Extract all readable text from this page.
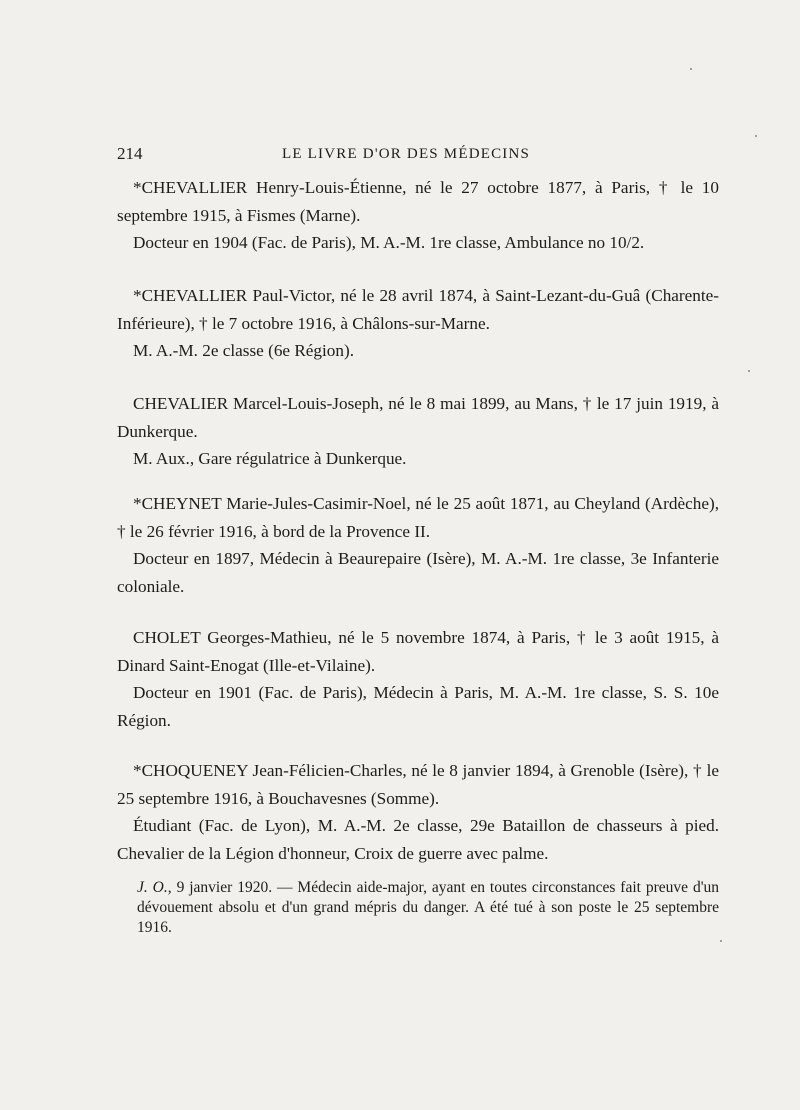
214	LE LIVRE D'OR DES MÉDECINS

*CHEVALLIER Henry-Louis-Étienne, né le 27 octobre 1877, à Paris, † le 10 septembre 1915, à Fismes (Marne).

Docteur en 1904 (Fac. de Paris), M. A.-M. 1re classe, Ambulance no 10/2.

*CHEVALLIER Paul-Victor, né le 28 avril 1874, à Saint-Lezant-du-Guâ (Charente-Inférieure), † le 7 octobre 1916, à Châlons-sur-Marne.

M. A.-M. 2e classe (6e Région).

CHEVALIER Marcel-Louis-Joseph, né le 8 mai 1899, au Mans, † le 17 juin 1919, à Dunkerque.

M. Aux., Gare régulatrice à Dunkerque.

*CHEYNET Marie-Jules-Casimir-Noel, né le 25 août 1871, au Cheyland (Ardèche), † le 26 février 1916, à bord de la Provence II.

Docteur en 1897, Médecin à Beaurepaire (Isère), M. A.-M. 1re classe, 3e Infanterie coloniale.

CHOLET Georges-Mathieu, né le 5 novembre 1874, à Paris, † le 3 août 1915, à Dinard Saint-Enogat (Ille-et-Vilaine).

Docteur en 1901 (Fac. de Paris), Médecin à Paris, M. A.-M. 1re classe, S. S. 10e Région.

*CHOQUENEY Jean-Félicien-Charles, né le 8 janvier 1894, à Grenoble (Isère), † le 25 septembre 1916, à Bouchavesnes (Somme).

Étudiant (Fac. de Lyon), M. A.-M. 2e classe, 29e Bataillon de chasseurs à pied. Chevalier de la Légion d'honneur, Croix de guerre avec palme.

J. O., 9 janvier 1920. — Médecin aide-major, ayant en toutes circonstances fait preuve d'un dévouement absolu et d'un grand mépris du danger. A été tué à son poste le 25 septembre 1916.
